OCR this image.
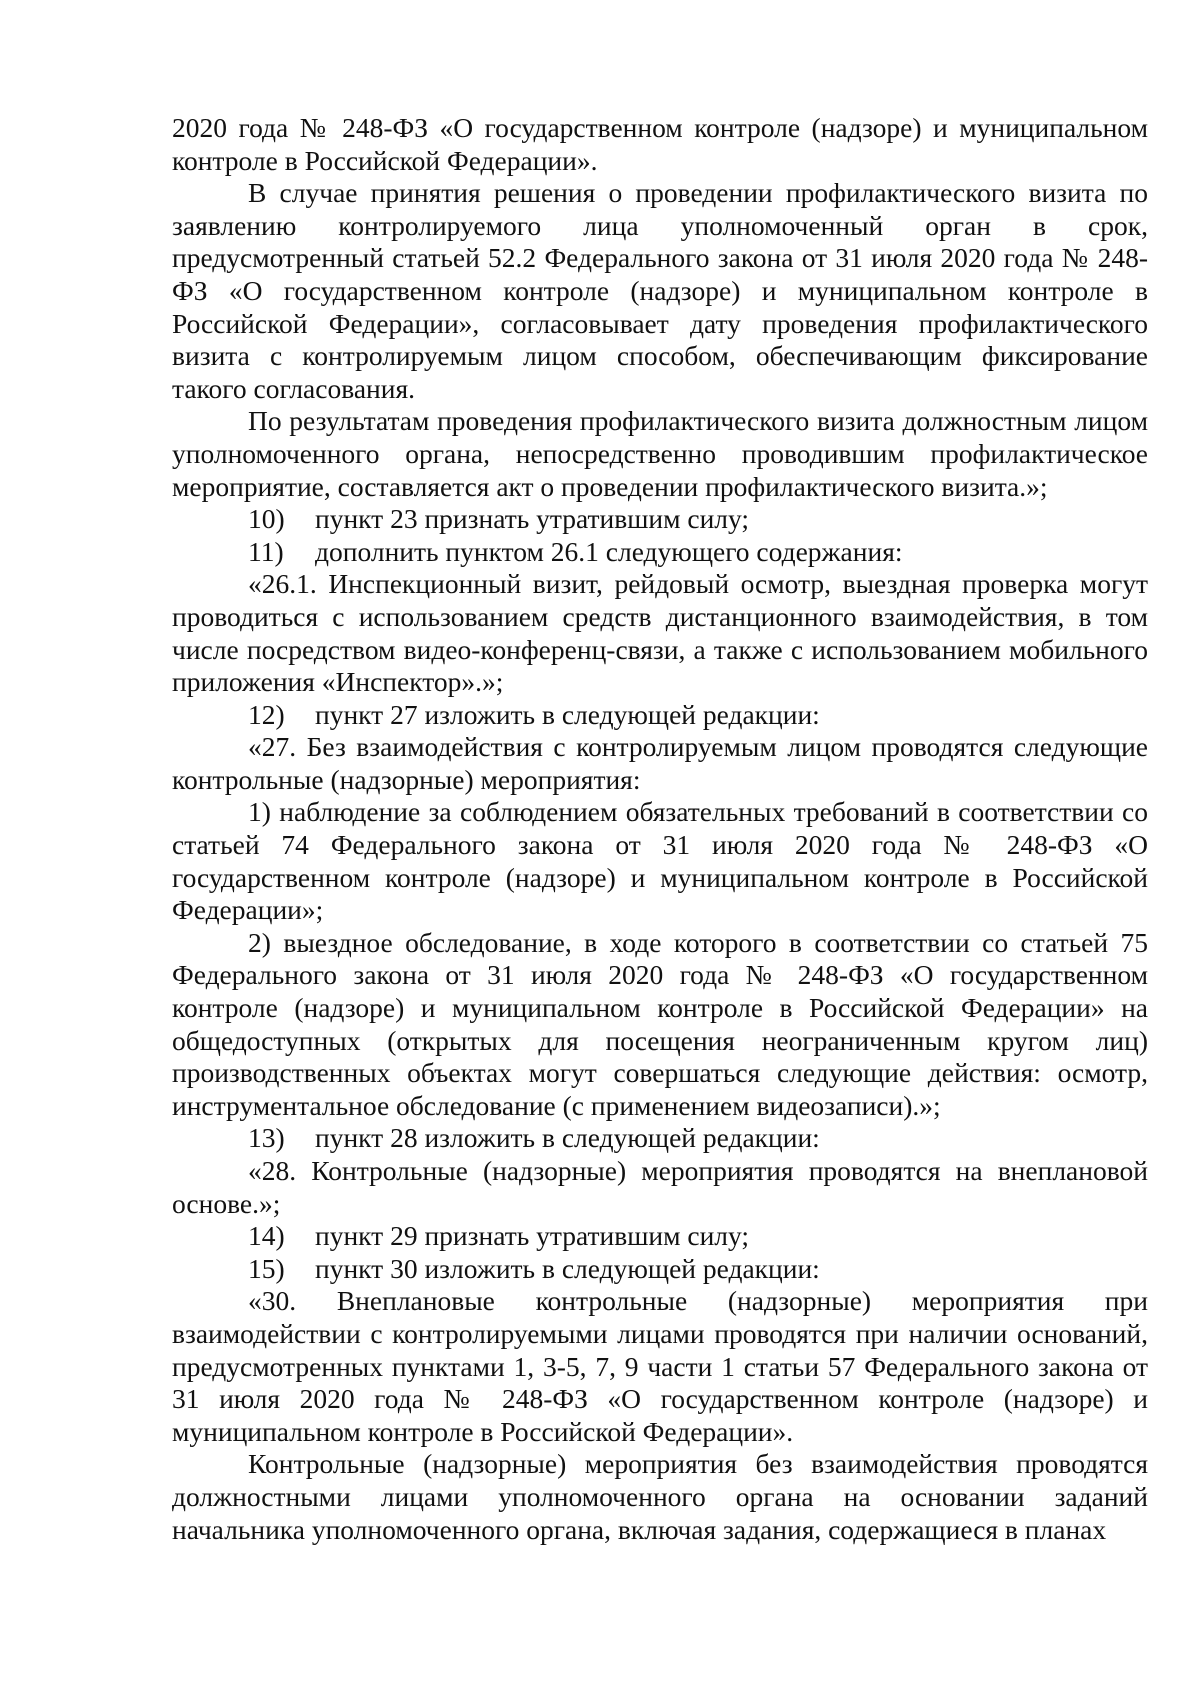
2020 года № 248-ФЗ «О государственном контроле (надзоре) и муниципальном контроле в Российской Федерации».

В случае принятия решения о проведении профилактического визита по заявлению контролируемого лица уполномоченный орган в срок, предусмотренный статьей 52.2 Федерального закона от 31 июля 2020 года № 248-ФЗ «О государственном контроле (надзоре) и муниципальном контроле в Российской Федерации», согласовывает дату проведения профилактического визита с контролируемым лицом способом, обеспечивающим фиксирование такого согласования.

По результатам проведения профилактического визита должностным лицом уполномоченного органа, непосредственно проводившим профилактическое мероприятие, составляется акт о проведении профилактического визита.»;

10)	пункт 23 признать утратившим силу;
11)	дополнить пунктом 26.1 следующего содержания:

«26.1. Инспекционный визит, рейдовый осмотр, выездная проверка могут проводиться с использованием средств дистанционного взаимодействия, в том числе посредством видео-конференц-связи, а также с использованием мобильного приложения «Инспектор».»;

12)	пункт 27 изложить в следующей редакции:

«27. Без взаимодействия с контролируемым лицом проводятся следующие контрольные (надзорные) мероприятия:

1) наблюдение за соблюдением обязательных требований в соответствии со статьей 74 Федерального закона от 31 июля 2020 года № 248-ФЗ «О государственном контроле (надзоре) и муниципальном контроле в Российской Федерации»;

2) выездное обследование, в ходе которого в соответствии со статьей 75 Федерального закона от 31 июля 2020 года № 248-ФЗ «О государственном контроле (надзоре) и муниципальном контроле в Российской Федерации» на общедоступных (открытых для посещения неограниченным кругом лиц) производственных объектах могут совершаться следующие действия: осмотр, инструментальное обследование (с применением видеозаписи).»;

13)	пункт 28 изложить в следующей редакции:

«28. Контрольные (надзорные) мероприятия проводятся на внеплановой основе.»;

14)	пункт 29 признать утратившим силу;
15)	пункт 30 изложить в следующей редакции:

«30. Внеплановые контрольные (надзорные) мероприятия при взаимодействии с контролируемыми лицами проводятся при наличии оснований, предусмотренных пунктами 1, 3-5, 7, 9 части 1 статьи 57 Федерального закона от 31 июля 2020 года № 248-ФЗ «О государственном контроле (надзоре) и муниципальном контроле в Российской Федерации».

Контрольные (надзорные) мероприятия без взаимодействия проводятся должностными лицами уполномоченного органа на основании заданий начальника уполномоченного органа, включая задания, содержащиеся в планах
